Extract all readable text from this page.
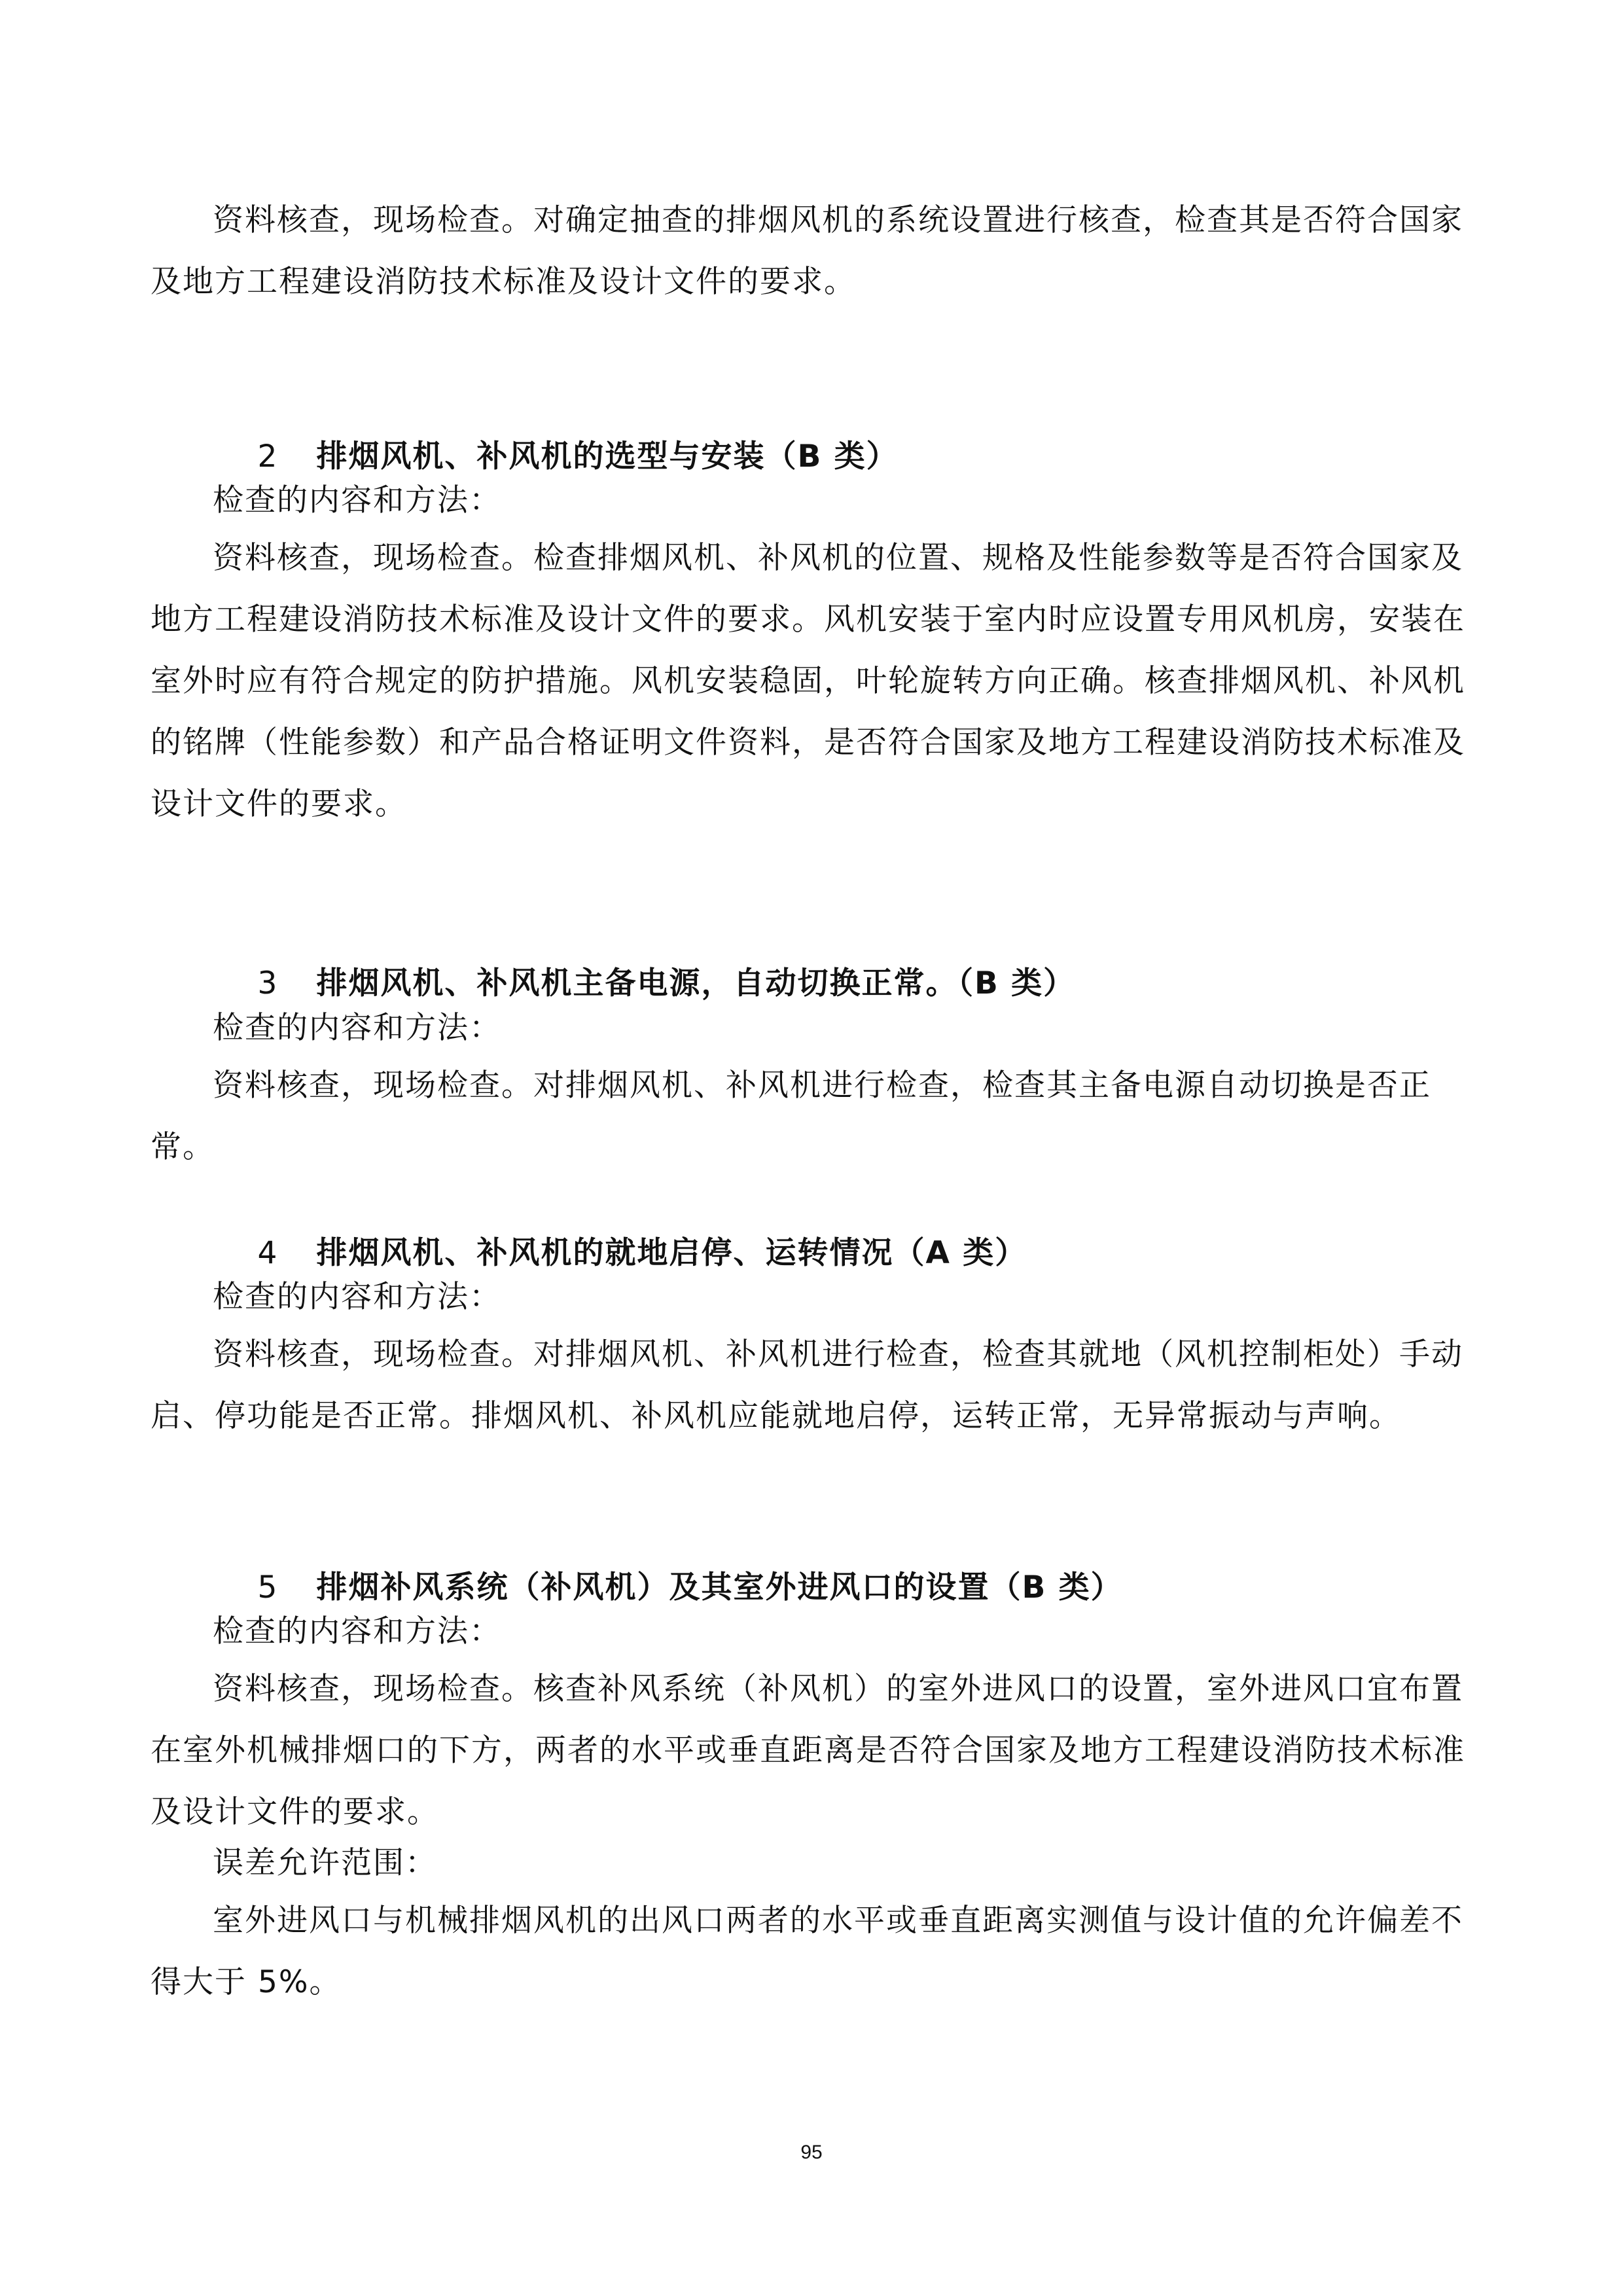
资料核查，现场检查。对确定抽查的排烟风机的系统设置进行核查，检查其是否符合国家及地方工程建设消防技术标准及设计文件的要求。

2 排烟风机、补风机的选型与安装（B 类）

检查的内容和方法：
资料核查，现场检查。检查排烟风机、补风机的位置、规格及性能参数等是否符合国家及地方工程建设消防技术标准及设计文件的要求。风机安装于室内时应设置专用风机房，安装在室外时应有符合规定的防护措施。风机安装稳固，叶轮旋转方向正确。核查排烟风机、补风机的铭牌（性能参数）和产品合格证明文件资料，是否符合国家及地方工程建设消防技术标准及设计文件的要求。

3 排烟风机、补风机主备电源，自动切换正常。（B 类）

检查的内容和方法：
资料核查，现场检查。对排烟风机、补风机进行检查，检查其主备电源自动切换是否正常。

4 排烟风机、补风机的就地启停、运转情况（A 类）

检查的内容和方法：
资料核查，现场检查。对排烟风机、补风机进行检查，检查其就地（风机控制柜处）手动启、停功能是否正常。排烟风机、补风机应能就地启停，运转正常，无异常振动与声响。

5 排烟补风系统（补风机）及其室外进风口的设置（B 类）

检查的内容和方法：
资料核查，现场检查。核查补风系统（补风机）的室外进风口的设置，室外进风口宜布置在室外机械排烟口的下方，两者的水平或垂直距离是否符合国家及地方工程建设消防技术标准及设计文件的要求。
误差允许范围：
室外进风口与机械排烟风机的出风口两者的水平或垂直距离实测值与设计值的允许偏差不得大于 5%。
95
